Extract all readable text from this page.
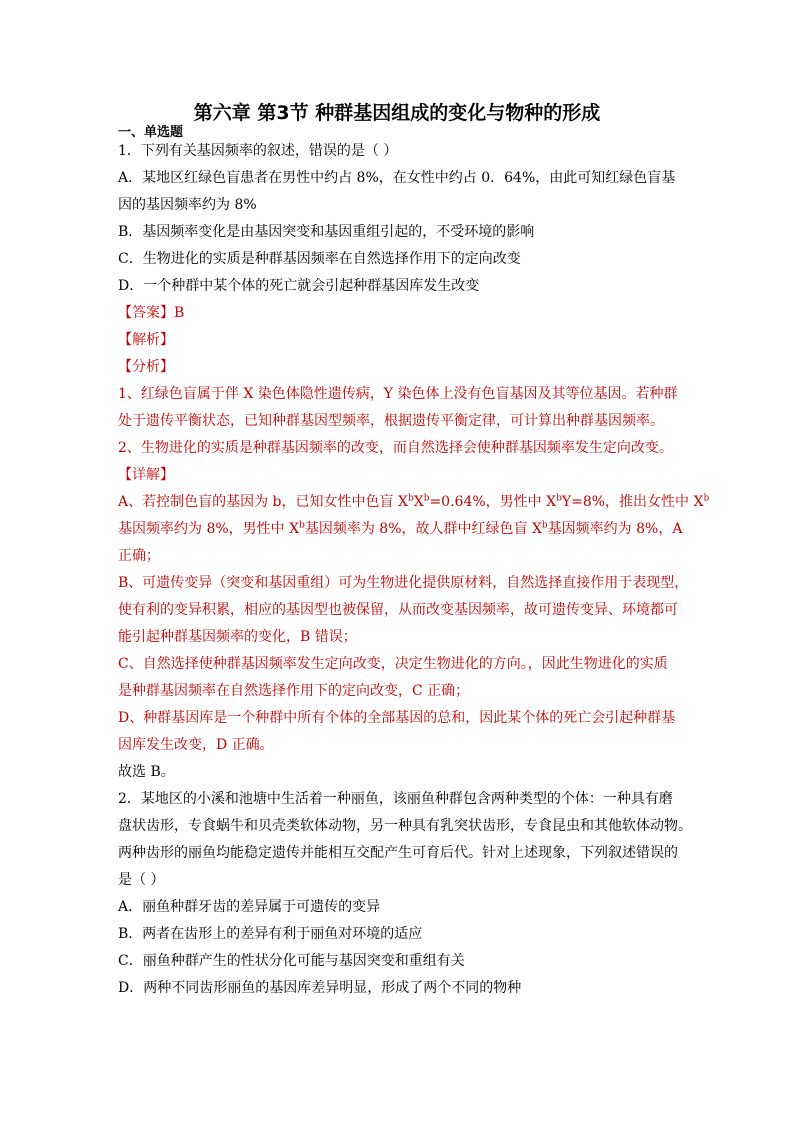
第六章 第3节 种群基因组成的变化与物种的形成
一、单选题
1．下列有关基因频率的叙述，错误的是（ ）
A．某地区红绿色盲患者在男性中约占 8%，在女性中约占 0．64%，由此可知红绿色盲基
因的基因频率约为 8%
B．基因频率变化是由基因突变和基因重组引起的，不受环境的影响
C．生物进化的实质是种群基因频率在自然选择作用下的定向改变
D．一个种群中某个体的死亡就会引起种群基因库发生改变
【答案】B
【解析】
【分析】
1、红绿色盲属于伴 X 染色体隐性遗传病，Y 染色体上没有色盲基因及其等位基因。若种群
处于遗传平衡状态，已知种群基因型频率，根据遗传平衡定律，可计算出种群基因频率。
2、生物进化的实质是种群基因频率的改变，而自然选择会使种群基因频率发生定向改变。
【详解】
A、若控制色盲的基因为 b，已知女性中色盲 $X^bX^b=0.64\%$，男性中 $X^bY=8\%$，推出女性中 $X^b$
基因频率约为 8%，男性中 $X^b$基因频率为 8%，故人群中红绿色盲 $X^b$基因频率约为 8%，A
正确；
B、可遗传变异（突变和基因重组）可为生物进化提供原材料，自然选择直接作用于表现型，
使有利的变异积累，相应的基因型也被保留，从而改变基因频率，故可遗传变异、环境都可
能引起种群基因频率的变化，B 错误；
C、自然选择使种群基因频率发生定向改变，决定生物进化的方向。，因此生物进化的实质
是种群基因频率在自然选择作用下的定向改变，C 正确；
D、种群基因库是一个种群中所有个体的全部基因的总和，因此某个体的死亡会引起种群基
因库发生改变，D 正确。
故选 B。
2．某地区的小溪和池塘中生活着一种丽鱼，该丽鱼种群包含两种类型的个体：一种具有磨
盘状齿形，专食蜗牛和贝壳类软体动物，另一种具有乳突状齿形，专食昆虫和其他软体动物。
两种齿形的丽鱼均能稳定遗传并能相互交配产生可育后代。针对上述现象，下列叙述错误的
是（ ）
A．丽鱼种群牙齿的差异属于可遗传的变异
B．两者在齿形上的差异有利于丽鱼对环境的适应
C．丽鱼种群产生的性状分化可能与基因突变和重组有关
D．两种不同齿形丽鱼的基因库差异明显，形成了两个不同的物种
